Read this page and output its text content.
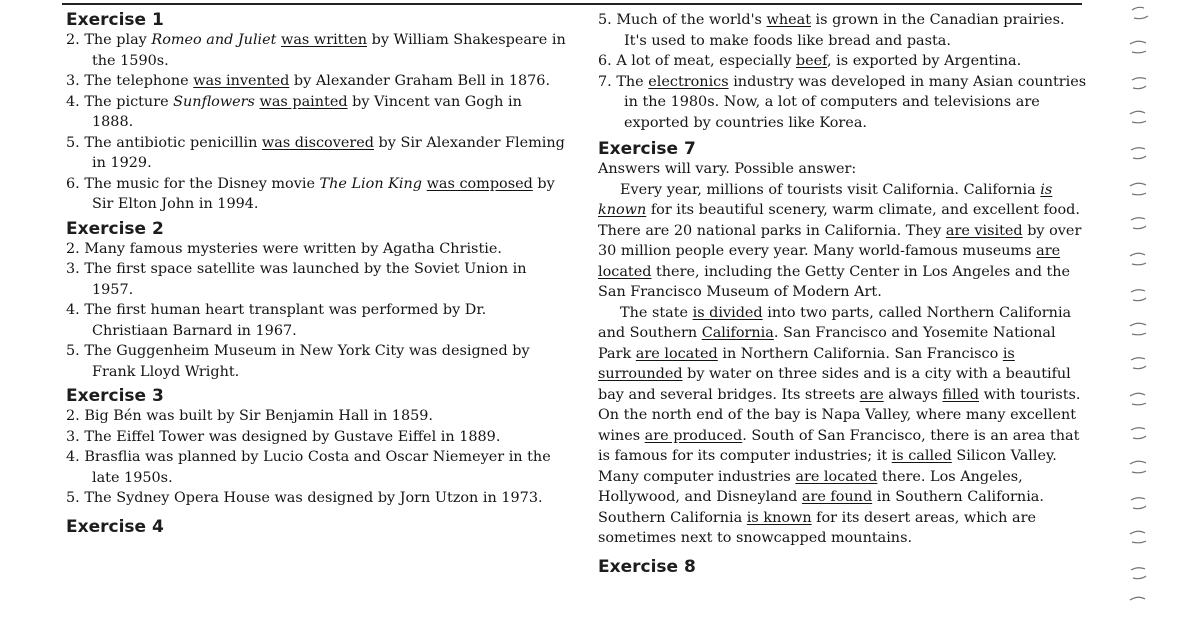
Exercise 1

2. The play Romeo and Juliet was written by William Shakespeare in the 1590s.

3. The telephone was invented by Alexander Graham Bell in 1876.

4. The picture Sunflowers was painted by Vincent van Gogh in 1888.

5. The antibiotic penicillin was discovered by Sir Alexander Fleming in 1929.

6. The music for the Disney movie The Lion King was composed by Sir Elton John in 1994.

Exercise 2

2. Many famous mysteries were written by Agatha Christie.

3. The first space satellite was launched by the Soviet Union in 1957.

4. The first human heart transplant was performed by Dr. Christiaan Barnard in 1967.

5. The Guggenheim Museum in New York City was designed by Frank Lloyd Wright.

Exercise 3

2. Big Bén was built by Sir Benjamin Hall in 1859.

3. The Eiffel Tower was designed by Gustave Eiffel in 1889.

4. Brasflia was planned by Lucio Costa and Oscar Niemeyer in the late 1950s.

5. The Sydney Opera House was designed by Jorn Utzon in 1973.

Exercise 4

5. Much of the world's wheat is grown in the Canadian prairies. It's used to make foods like bread and pasta.

6. A lot of meat, especially beef, is exported by Argentina.

7. The electronics industry was developed in many Asian countries in the 1980s. Now, a lot of computers and televisions are exported by countries like Korea.

Exercise 7

Answers will vary. Possible answer:

Every year, millions of tourists visit California. California is known for its beautiful scenery, warm climate, and excellent food. There are 20 national parks in California. They are visited by over 30 million people every year. Many world-famous museums are located there, including the Getty Center in Los Angeles and the San Francisco Museum of Modern Art.

The state is divided into two parts, called Northern California and Southern California. San Francisco and Yosemite National Park are located in Northern California. San Francisco is surrounded by water on three sides and is a city with a beautiful bay and several bridges. Its streets are always filled with tourists. On the north end of the bay is Napa Valley, where many excellent wines are produced. South of San Francisco, there is an area that is famous for its computer industries; it is called Silicon Valley. Many computer industries are located there. Los Angeles, Hollywood, and Disneyland are found in Southern California. Southern California is known for its desert areas, which are sometimes next to snowcapped mountains.

Exercise 8
